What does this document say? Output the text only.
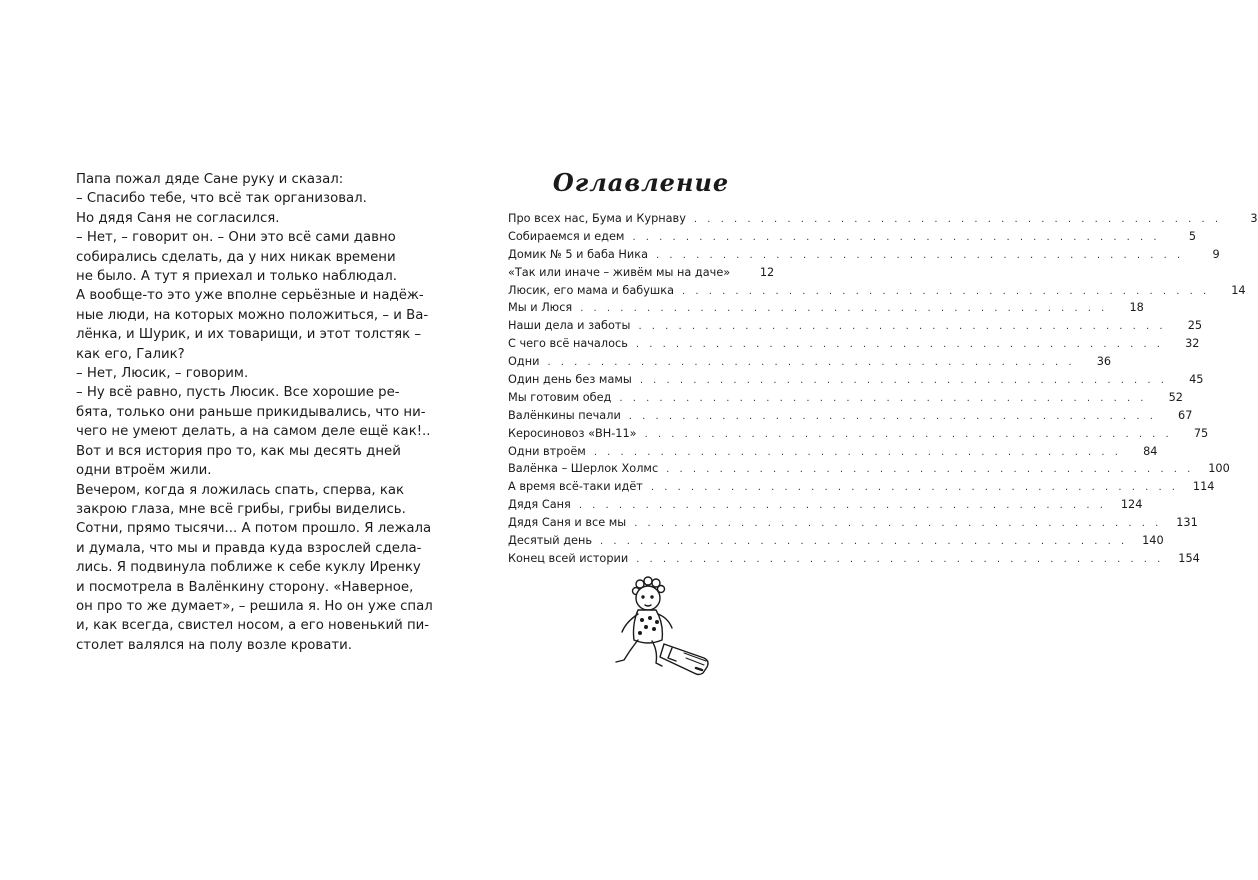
Папа пожал дяде Сане руку и сказал:
– Спасибо тебе, что всё так организовал.
Но дядя Саня не согласился.
– Нет, – говорит он. – Они это всё сами давно
собирались сделать, да у них никак времени
не было. А тут я приехал и только наблюдал.
А вообще-то это уже вполне серьёзные и надёж-
ные люди, на которых можно положиться, – и Ва-
лёнка, и Шурик, и их товарищи, и этот толстяк –
как его, Галик?
– Нет, Люсик, – говорим.
– Ну всё равно, пусть Люсик. Все хорошие ре-
бята, только они раньше прикидывались, что ни-
чего не умеют делать, а на самом деле ещё как!..
Вот и вся история про то, как мы десять дней
одни втроём жили.
Вечером, когда я ложилась спать, сперва, как
закрою глаза, мне всё грибы, грибы виделись.
Сотни, прямо тысячи... А потом прошло. Я лежала
и думала, что мы и правда куда взрослей сдела-
лись. Я подвинула поближе к себе куклу Иренку
и посмотрела в Валёнкину сторону. «Наверное,
он про то же думает», – решила я. Но он уже спал
и, как всегда, свистел носом, а его новенький пи-
столет валялся на полу возле кровати.
Оглавление
Про всех нас, Бума и Курнаву . . . . . . . . . . . . . . . . . . . . . . . . . . . . . . . . . . . . . . . .	3
Собираемся и едем . . . . . . . . . . . . . . . . . . . . . . . . . . . . . . . . . . . . . . . .	5
Домик № 5 и баба Ника . . . . . . . . . . . . . . . . . . . . . . . . . . . . . . . . . . . . . . . .	9
«Так или иначе – живём мы на даче»	12
Люсик, его мама и бабушка . . . . . . . . . . . . . . . . . . . . . . . . . . . . . . . . . . . . . . . .	14
Мы и Люся . . . . . . . . . . . . . . . . . . . . . . . . . . . . . . . . . . . . . . . .	18
Наши дела и заботы . . . . . . . . . . . . . . . . . . . . . . . . . . . . . . . . . . . . . . . .	25
С чего всё началось . . . . . . . . . . . . . . . . . . . . . . . . . . . . . . . . . . . . . . . .	32
Одни . . . . . . . . . . . . . . . . . . . . . . . . . . . . . . . . . . . . . . . .	36
Один день без мамы . . . . . . . . . . . . . . . . . . . . . . . . . . . . . . . . . . . . . . . .	45
Мы готовим обед . . . . . . . . . . . . . . . . . . . . . . . . . . . . . . . . . . . . . . . .	52
Валёнкины печали . . . . . . . . . . . . . . . . . . . . . . . . . . . . . . . . . . . . . . . .	67
Керосиновоз «ВН-11» . . . . . . . . . . . . . . . . . . . . . . . . . . . . . . . . . . . . . . . .	75
Одни втроём . . . . . . . . . . . . . . . . . . . . . . . . . . . . . . . . . . . . . . . .	84
Валёнка – Шерлок Холмс . . . . . . . . . . . . . . . . . . . . . . . . . . . . . . . . . . . . . . . .	100
А время всё-таки идёт . . . . . . . . . . . . . . . . . . . . . . . . . . . . . . . . . . . . . . . .	114
Дядя Саня . . . . . . . . . . . . . . . . . . . . . . . . . . . . . . . . . . . . . . . .	124
Дядя Саня и все мы . . . . . . . . . . . . . . . . . . . . . . . . . . . . . . . . . . . . . . . .	131
Десятый день . . . . . . . . . . . . . . . . . . . . . . . . . . . . . . . . . . . . . . . .	140
Конец всей истории . . . . . . . . . . . . . . . . . . . . . . . . . . . . . . . . . . . . . . . .	154
